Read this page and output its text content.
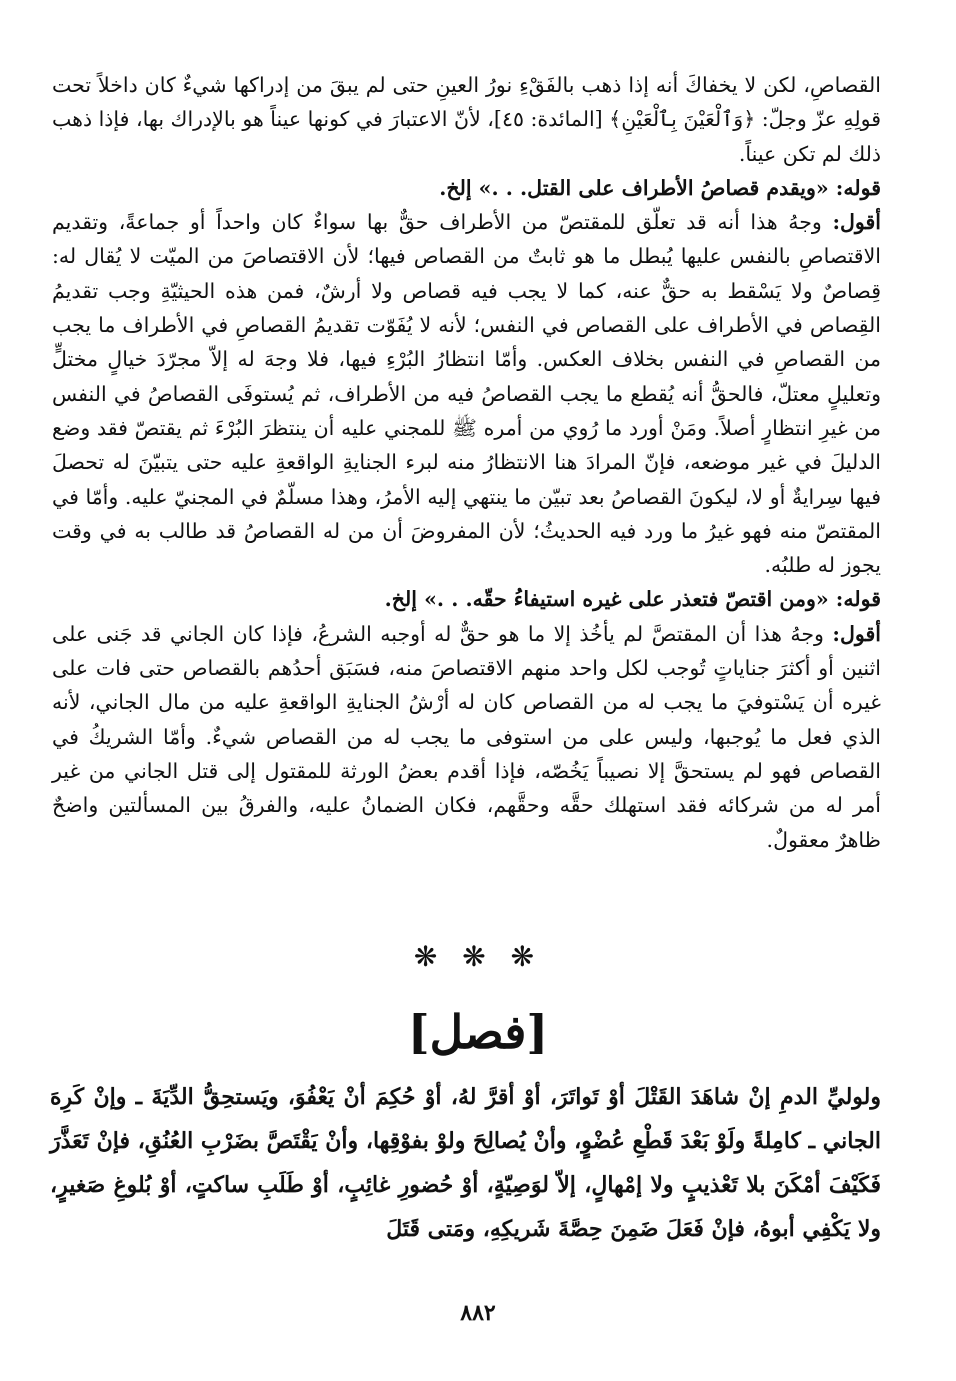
القصاصِ، لكن لا يخفاكَ أنه إذا ذهب بالفَقْءِ نورُ العينِ حتى لم يبقَ من إدراكها شيءٌ كان داخلاً تحت قولِهِ عزّ وجلّ: ﴿وَٱلْعَيْنَ بِٱلْعَيْنِ﴾ [المائدة: ٤٥]، لأنّ الاعتبارَ في كونها عيناً هو بالإدراك بها، فإذا ذهب ذلك لم تكن عيناً.

قوله: «ويقدم قصاصُ الأطراف على القتل. . .» إلخ.

أقول: وجهُ هذا أنه قد تعلّق للمقتصّ من الأطراف حقٌّ بها سواءٌ كان واحداً أو جماعةً، وتقديم الاقتصاصِ بالنفس عليها يُبطل ما هو ثابتٌ من القصاص فيها؛ لأن الاقتصاصَ من الميّت لا يُقال له: قِصاصٌ ولا يَسْقط به حقٌّ عنه، كما لا يجب فيه قصاص ولا أرشٌ، فمن هذه الحيثيّةِ وجب تقديمُ القِصاص في الأطراف على القصاص في النفس؛ لأنه لا يُفَوّت تقديمُ القصاصِ في الأطراف ما يجب من القصاصِ في النفس بخلاف العكس. وأمّا انتظارُ البُرْءِ فيها، فلا وجهَ له إلاّ مجرّدَ خيالٍ مختلٍّ وتعليلٍ معتلّ، فالحقُّ أنه يُقطع ما يجب القصاصُ فيه من الأطراف، ثم يُستوفَى القصاصُ في النفس من غيرِ انتظارٍ أصلاً. ومَنْ أورد ما رُوي من أمره ﷺ للمجني عليه أن ينتظرَ البُرْءَ ثم يقتصّ فقد وضع الدليلَ في غير موضعه، فإنّ المرادَ هنا الانتظارُ منه لبرء الجنايةِ الواقعةِ عليه حتى يتبيّنَ له تحصلَ فيها سِرايةٌ أو لا، ليكونَ القصاصُ بعد تبيّن ما ينتهي إليه الأمرُ، وهذا مسلّمٌ في المجنيّ عليه. وأمّا في المقتصّ منه فهو غيرُ ما ورد فيه الحديثُ؛ لأن المفروضَ أن من له القصاصُ قد طالب به في وقت يجوز له طلبُه.

قوله: «ومن اقتصّ فتعذر على غيره استيفاءُ حقّه. . .» إلخ.

أقول: وجهُ هذا أن المقتصَّ لم يأخُذ إلا ما هو حقٌّ له أوجبه الشرعُ، فإذا كان الجاني قد جَنى على اثنين أو أكثرَ جناياتٍ تُوجب لكل واحد منهم الاقتصاصَ منه، فسَبَق أحدُهم بالقصاص حتى فات على غيره أن يَسْتوفيَ ما يجب له من القصاص كان له أرْشُ الجنايةِ الواقعةِ عليه من مال الجاني، لأنه الذي فعل ما يُوجبها، وليس على من استوفى ما يجب له من القصاص شيءٌ. وأمّا الشريكُ في القصاص فهو لم يستحقَّ إلا نصيباً يَخُصّه، فإذا أقدم بعضُ الورثة للمقتول إلى قتل الجاني من غير أمر له من شركائه فقد استهلك حقَّه وحقَّهم، فكان الضمانُ عليه، والفرقُ بين المسألتين واضحٌ ظاهرٌ معقولٌ.

❋ ❋ ❋
[فصل]

ولوليِّ الدمِ إنْ شاهَدَ القَتْلَ أوْ تَواتَرَ، أوْ أقرَّ لهُ، أوْ حُكِمَ أنْ يَعْفُوَ، ويَستحِقُّ الدِّيَةَ ـ وإنْ كَرِهَ الجاني ـ كامِلةً ولَوْ بَعْدَ قَطْعِ عُضْوٍ، وأنْ يُصالِحَ ولوْ بفوْقِها، وأنْ يَقْتَصَّ بضَرْبِ العُنُقِ، فإنْ تَعَذَّرَ فَكَيْفَ أمْكَنَ بلا تَعْذيبٍ ولا إمْهالٍ، إلاّ لوَصِيّةٍ، أوْ حُضورِ غائِبٍ، أوْ طَلَبِ ساكتٍ، أوْ بُلوغِ صَغيرٍ، ولا يَكْفِي أبوهُ، فإنْ فَعَلَ ضَمِنَ حِصَّةَ شَريكِهِ، ومَتى قَتَلَ

٨٨٢
